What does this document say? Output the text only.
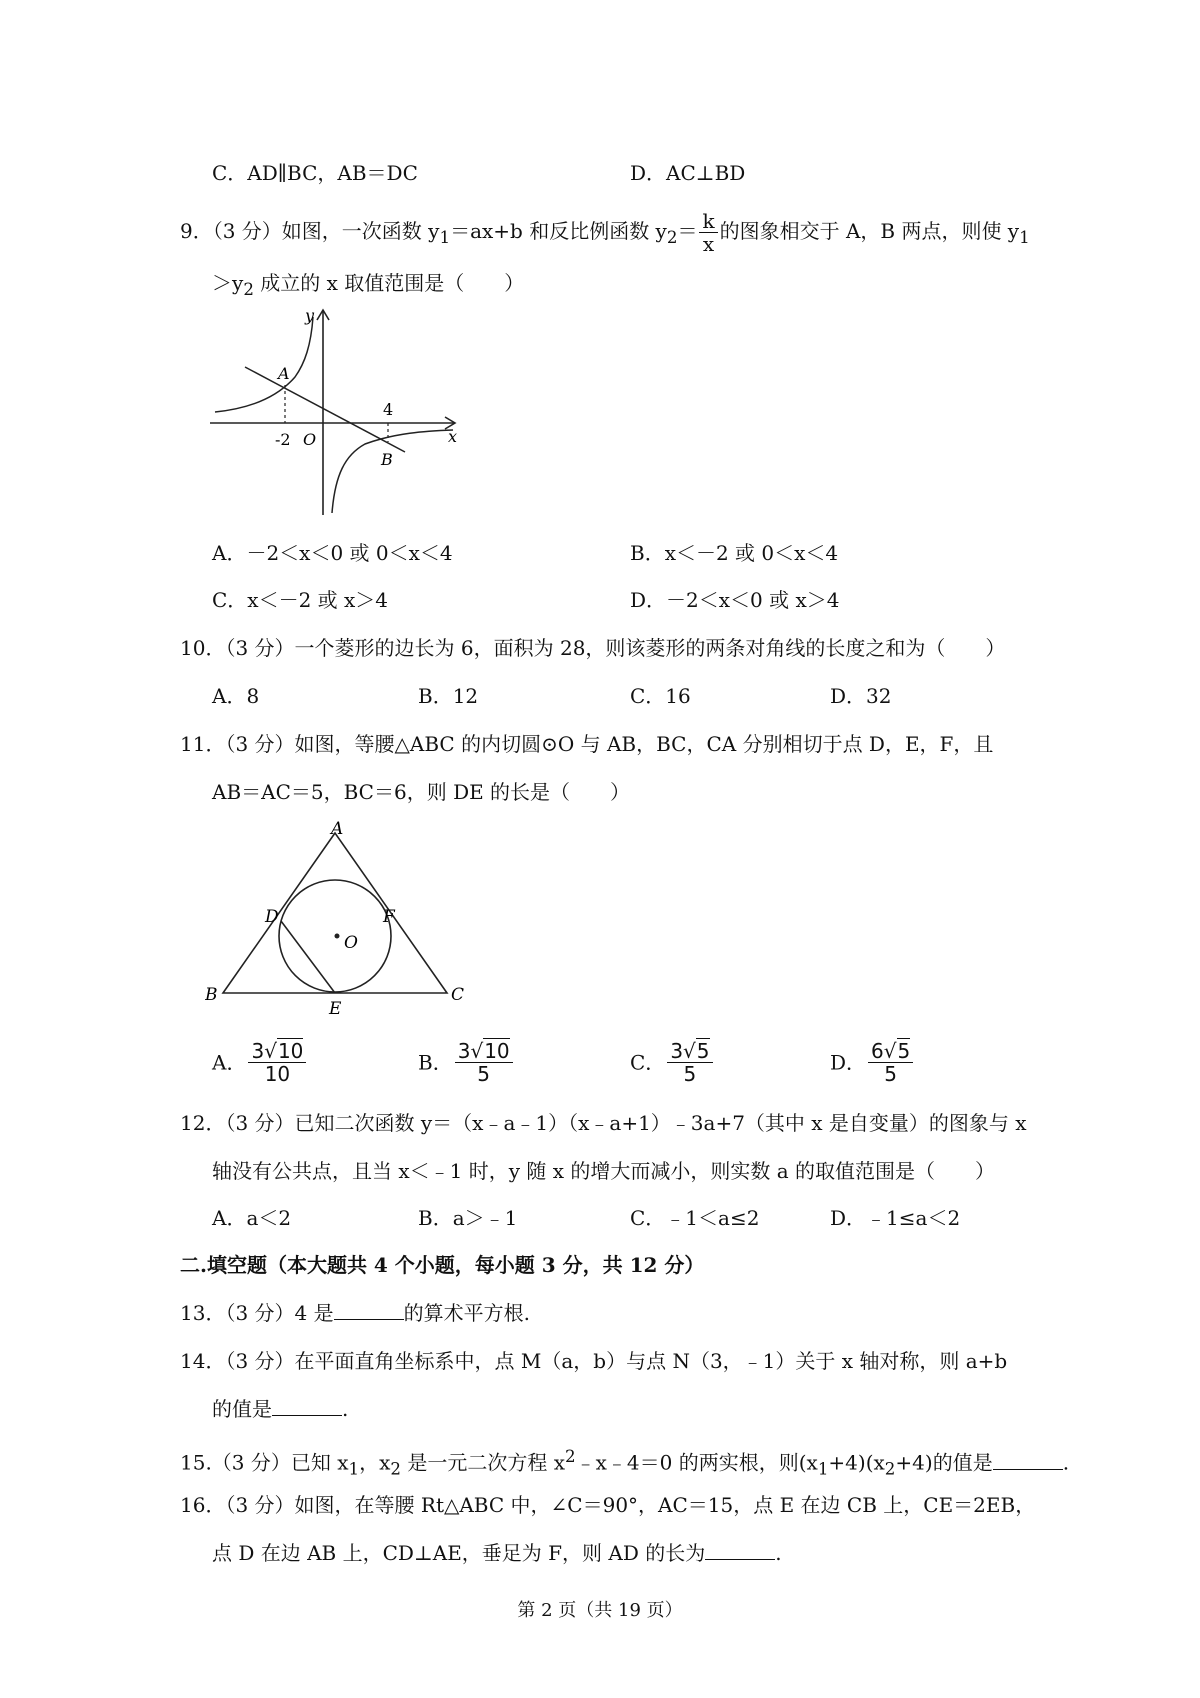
C．AD∥BC，AB＝DC	D．AC⊥BD
9．（3 分）如图，一次函数 $y_1=ax+b$ 和反比例函数 $y_2= \frac{k}{x}$ 的图象相交于 A，B 两点，则使 $y_1$
$>y_2$ 成立的 x 取值范围是（　　）
A
B
O
-2
4
x
y
A．－2＜x＜0 或 0＜x＜4	B．x＜－2 或 0＜x＜4
C．x＜－2 或 x＞4	D．－2＜x＜0 或 x＞4
10．（3 分）一个菱形的边长为 6，面积为 28，则该菱形的两条对角线的长度之和为（　　）
A．8	B．12	C．16	D．32
11．（3 分）如图，等腰△ABC 的内切圆⊙O 与 AB，BC，CA 分别相切于点 D，E，F，且
AB＝AC＝5，BC＝6，则 DE 的长是（　　）
A
B	C
D
E
F
O
A． $\frac{3√10}{10}$	B． $\frac{3√10}{5}$	C． $\frac{3√5}{5}$	D． $\frac{6√5}{5}$
12．（3 分）已知二次函数 y＝（x﹣a﹣1）（x﹣a+1）﹣3a+7（其中 x 是自变量）的图象与 x
轴没有公共点，且当 x＜﹣1 时，y 随 x 的增大而减小，则实数 a 的取值范围是（　　）
A．a＜2	B．a＞﹣1	C．﹣1＜a≤2	D．﹣1≤a＜2
二.填空题（本大题共 4 个小题，每小题 3 分，共 12 分）
13．（3 分）4 是	的算术平方根.
14．（3 分）在平面直角坐标系中，点 M（a，b）与点 N（3，﹣1）关于 x 轴对称，则 a+b
的值是	.
15.（3 分）已知 $x_1$，$x_2$ 是一元二次方程 $x^2﹣x﹣4=0$ 的两实根，则$(x_1+4)(x_2+4)$的值是	.
16．（3 分）如图，在等腰 Rt△ABC 中，∠C＝90°，AC＝15，点 E 在边 CB 上，CE＝2EB，
点 D 在边 AB 上，CD⊥AE，垂足为 F，则 AD 的长为	.
第 2 页（共 19 页）
